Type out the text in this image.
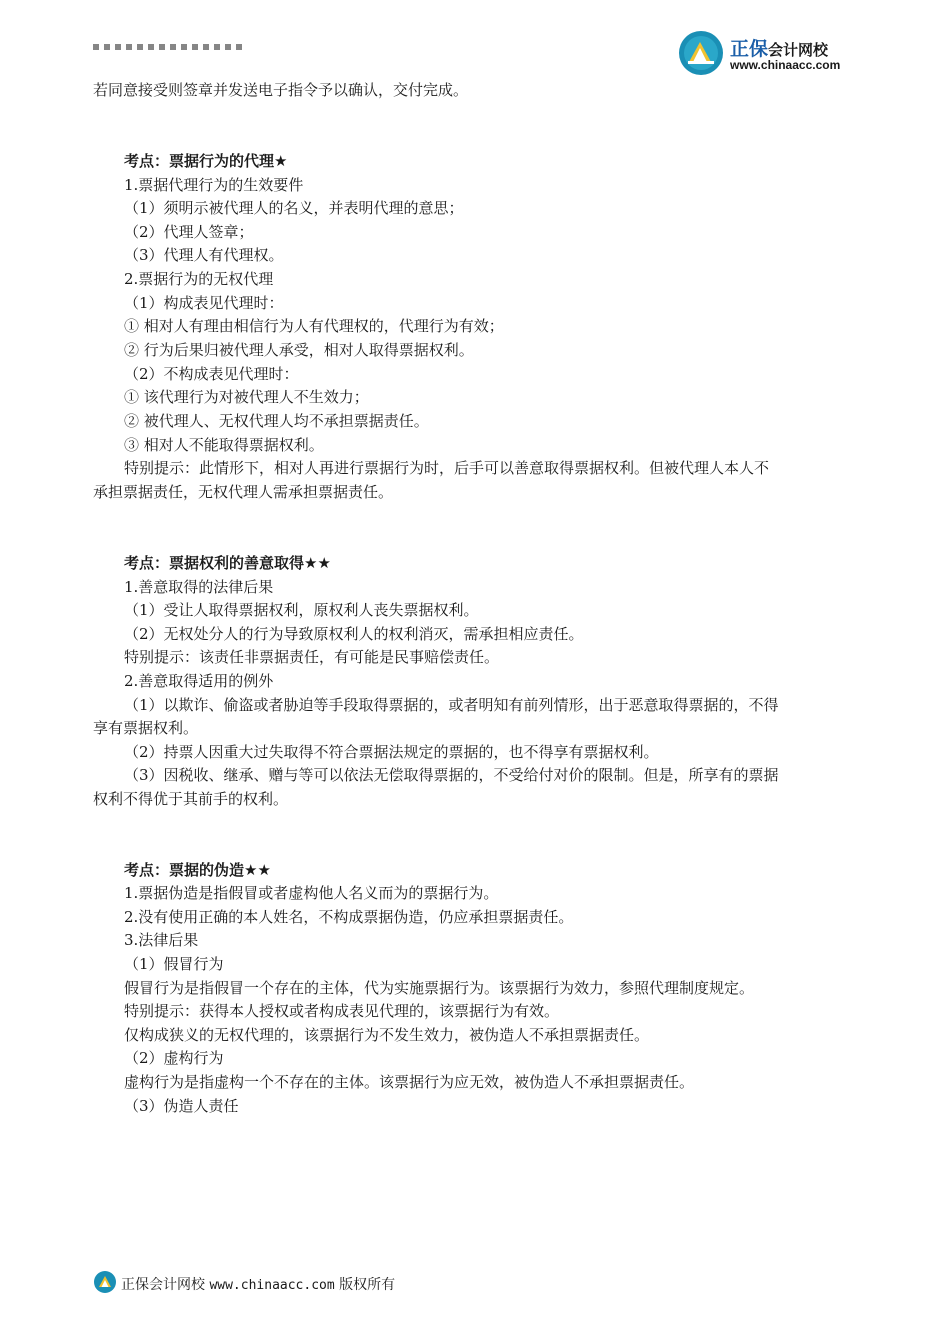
正保会计网校
www.chinaacc.com
若同意接受则签章并发送电子指令予以确认，交付完成。
考点：票据行为的代理★
1.票据代理行为的生效要件
（1）须明示被代理人的名义，并表明代理的意思；
（2）代理人签章；
（3）代理人有代理权。
2.票据行为的无权代理
（1）构成表见代理时：
① 相对人有理由相信行为人有代理权的，代理行为有效；
② 行为后果归被代理人承受，相对人取得票据权利。
（2）不构成表见代理时：
① 该代理行为对被代理人不生效力；
② 被代理人、无权代理人均不承担票据责任。
③ 相对人不能取得票据权利。
特别提示：此情形下，相对人再进行票据行为时，后手可以善意取得票据权利。但被代理人本人不
承担票据责任，无权代理人需承担票据责任。
考点：票据权利的善意取得★★
1.善意取得的法律后果
（1）受让人取得票据权利，原权利人丧失票据权利。
（2）无权处分人的行为导致原权利人的权利消灭，需承担相应责任。
特别提示：该责任非票据责任，有可能是民事赔偿责任。
2.善意取得适用的例外
（1）以欺诈、偷盗或者胁迫等手段取得票据的，或者明知有前列情形，出于恶意取得票据的，不得
享有票据权利。
（2）持票人因重大过失取得不符合票据法规定的票据的，也不得享有票据权利。
（3）因税收、继承、赠与等可以依法无偿取得票据的，不受给付对价的限制。但是，所享有的票据
权利不得优于其前手的权利。
考点：票据的伪造★★
1.票据伪造是指假冒或者虚构他人名义而为的票据行为。
2.没有使用正确的本人姓名，不构成票据伪造，仍应承担票据责任。
3.法律后果
（1）假冒行为
假冒行为是指假冒一个存在的主体，代为实施票据行为。该票据行为效力，参照代理制度规定。
特别提示：获得本人授权或者构成表见代理的，该票据行为有效。
仅构成狭义的无权代理的，该票据行为不发生效力，被伪造人不承担票据责任。
（2）虚构行为
虚构行为是指虚构一个不存在的主体。该票据行为应无效，被伪造人不承担票据责任。
（3）伪造人责任
正保会计网校 www.chinaacc.com 版权所有
